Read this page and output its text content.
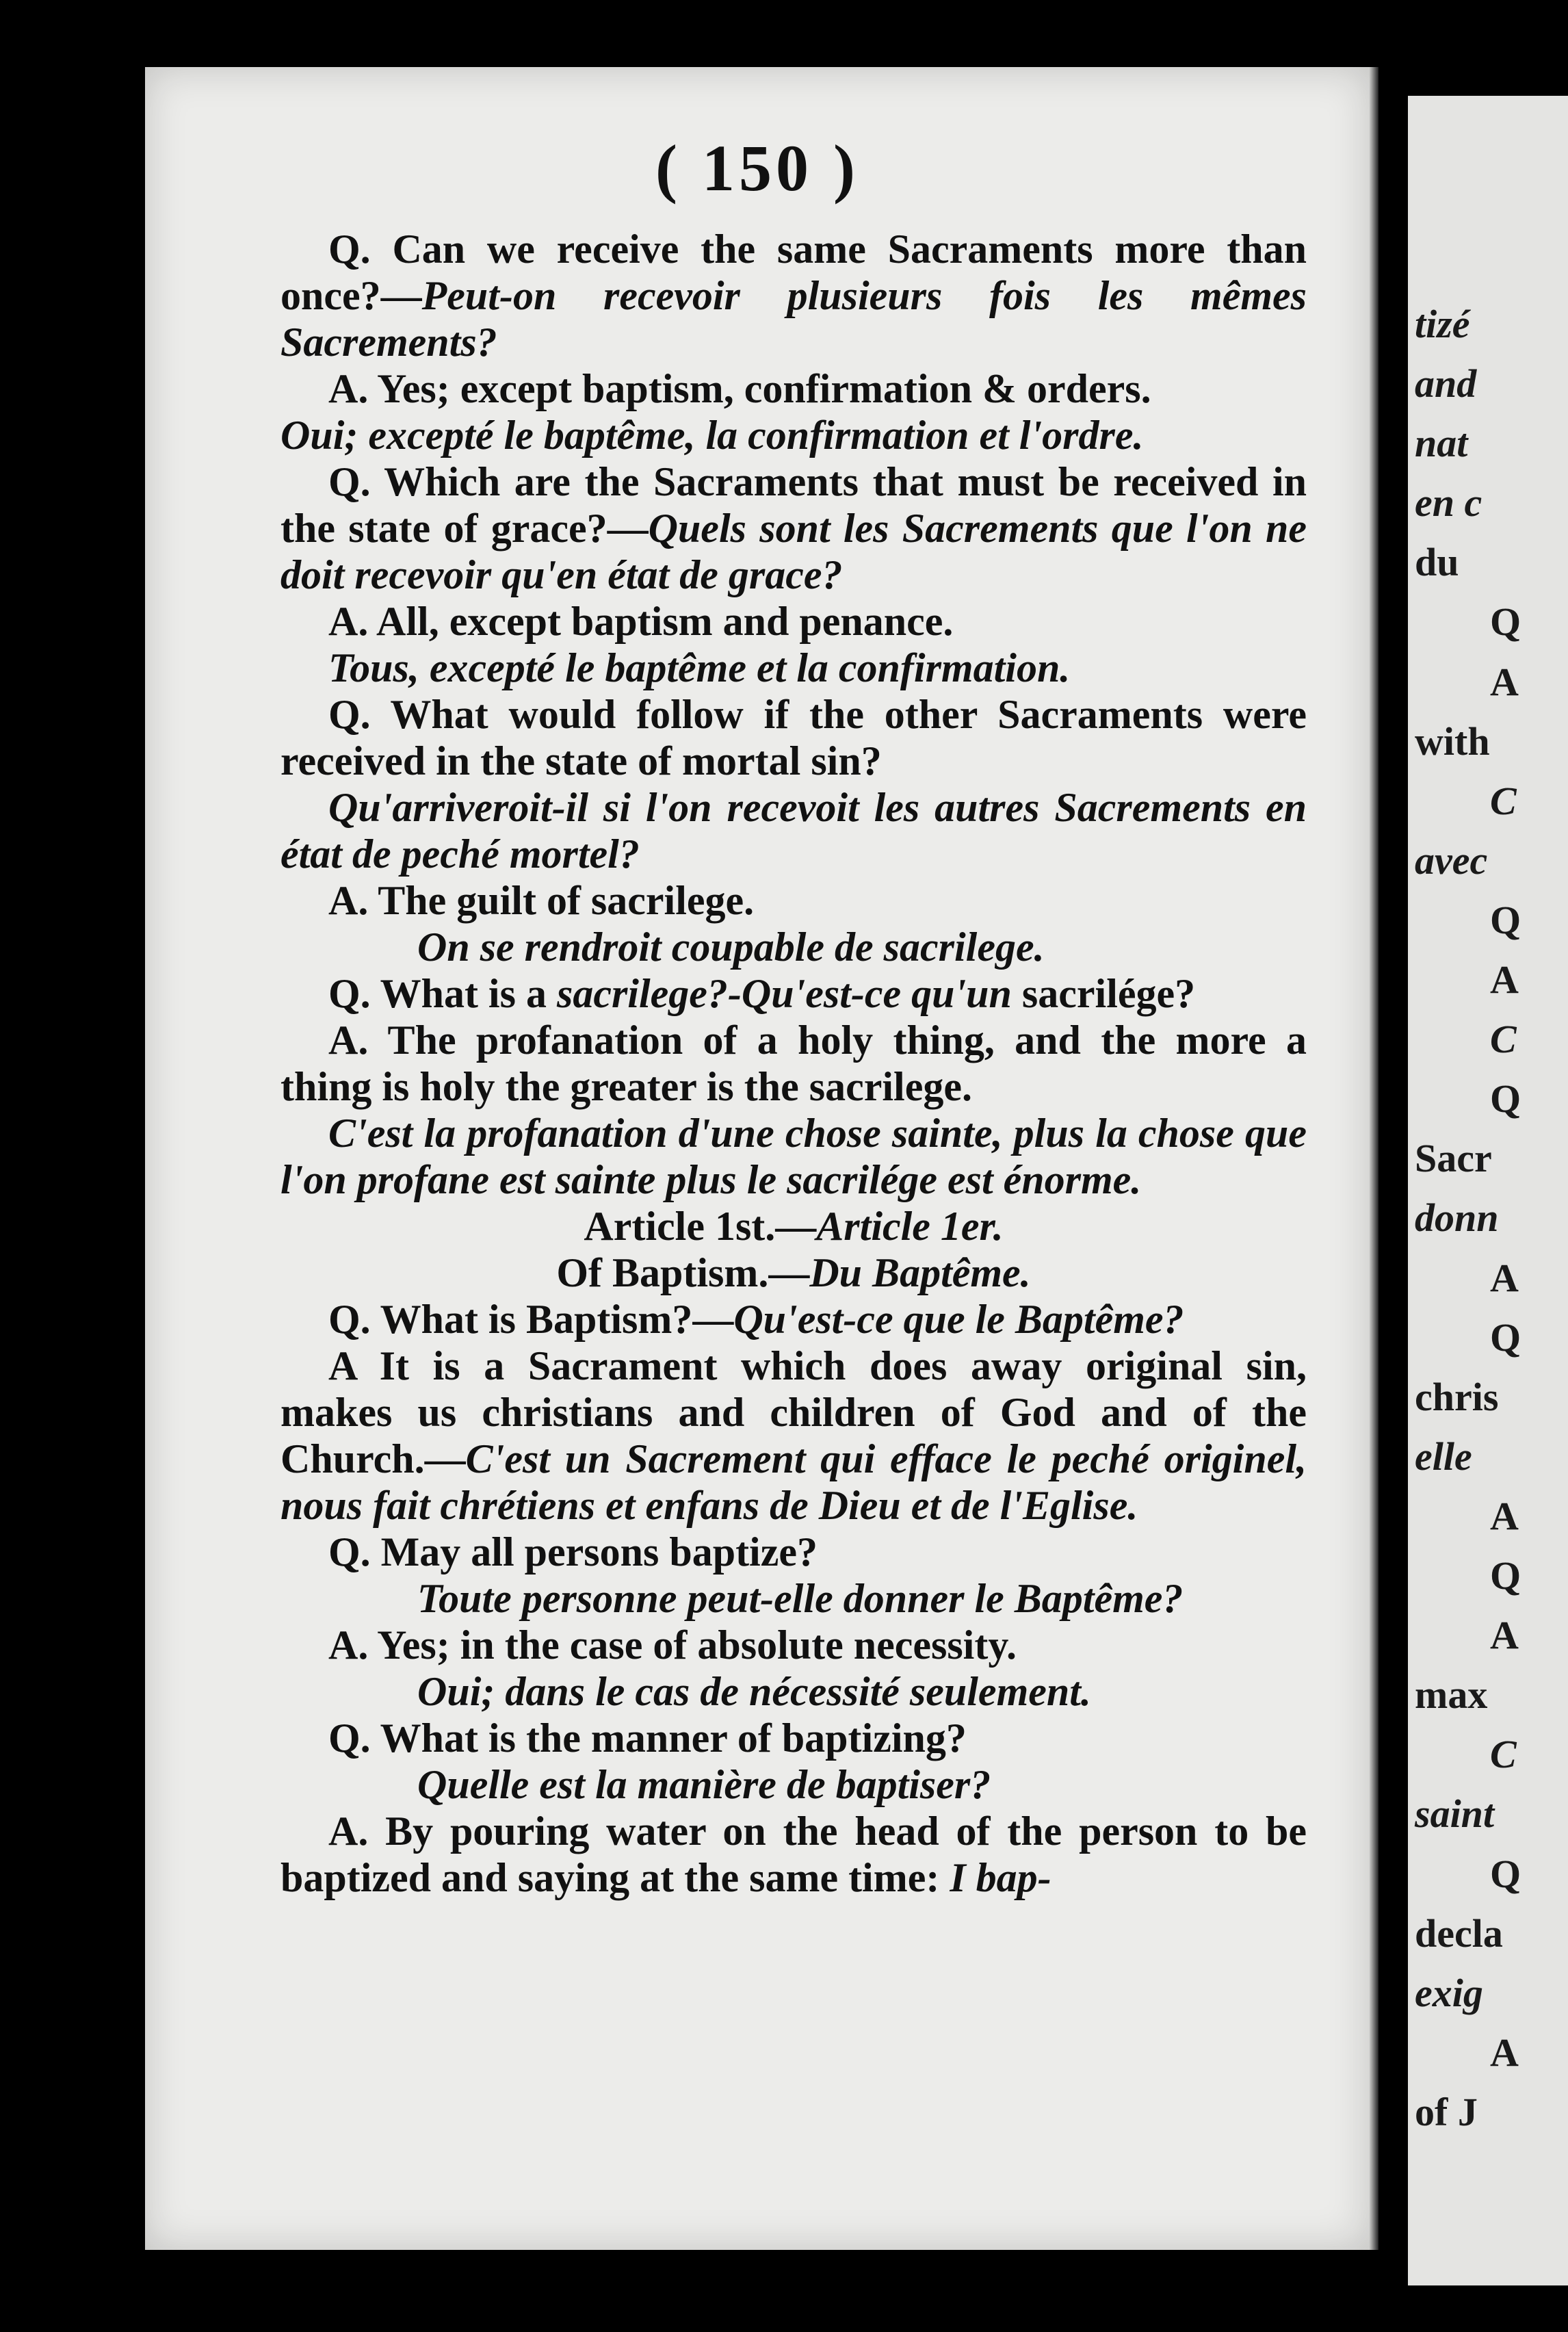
tizé
and
nat
en c
du
Q
A
with
C
avec
Q
A
C
Q
Sacr
donn
A
Q
chris
elle
A
Q
A
max
C
saint
Q
decla
exig
A
of J
( 150 )

Q. Can we receive the same Sacraments more than once?—Peut-on recevoir plusieurs fois les mêmes Sacrements?

A. Yes; except baptism, confirmation & orders.

Oui; excepté le baptême, la confirmation et l'ordre.

Q. Which are the Sacraments that must be received in the state of grace?—Quels sont les Sacrements que l'on ne doit recevoir qu'en état de grace?

A. All, except baptism and penance.

Tous, excepté le baptême et la confirmation.

Q. What would follow if the other Sacraments were received in the state of mortal sin?

Qu'arriveroit-il si l'on recevoit les autres Sacrements en état de peché mortel?

A. The guilt of sacrilege.

On se rendroit coupable de sacrilege.

Q. What is a sacrilege?-Qu'est-ce qu'un sacrilége?

A. The profanation of a holy thing, and the more a thing is holy the greater is the sacrilege.

C'est la profanation d'une chose sainte, plus la chose que l'on profane est sainte plus le sacrilége est énorme.

Article 1st.—Article 1er.

Of Baptism.—Du Baptême.

Q. What is Baptism?—Qu'est-ce que le Baptême?

A It is a Sacrament which does away original sin, makes us christians and children of God and of the Church.—C'est un Sacrement qui efface le peché originel, nous fait chrétiens et enfans de Dieu et de l'Eglise.

Q. May all persons baptize?

Toute personne peut-elle donner le Baptême?

A. Yes; in the case of absolute necessity.

Oui; dans le cas de nécessité seulement.

Q. What is the manner of baptizing?

Quelle est la manière de baptiser?

A. By pouring water on the head of the person to be baptized and saying at the same time: I bap-
